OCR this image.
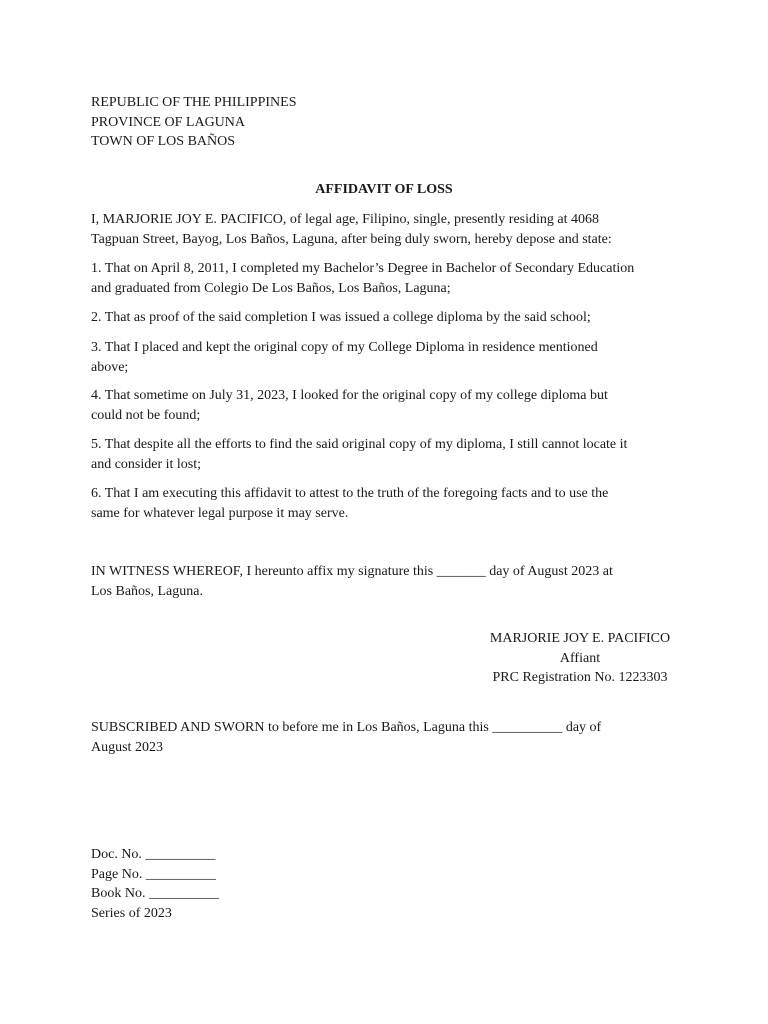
REPUBLIC OF THE PHILIPPINES
PROVINCE OF LAGUNA
TOWN OF LOS BAÑOS
AFFIDAVIT OF LOSS
I, MARJORIE JOY E. PACIFICO, of legal age, Filipino, single, presently residing at 4068
Tagpuan Street, Bayog, Los Baños, Laguna, after being duly sworn, hereby depose and state:
1. That on April 8, 2011, I completed my Bachelor’s Degree in Bachelor of Secondary Education
and graduated from Colegio De Los Baños, Los Baños, Laguna;
2. That as proof of the said completion I was issued a college diploma by the said school;
3. That I placed and kept the original copy of my College Diploma in residence mentioned
above;
4. That sometime on July 31, 2023, I looked for the original copy of my college diploma but
could not be found;
5. That despite all the efforts to find the said original copy of my diploma, I still cannot locate it
and consider it lost;
6. That I am executing this affidavit to attest to the truth of the foregoing facts and to use the
same for whatever legal purpose it may serve.
IN WITNESS WHEREOF, I hereunto affix my signature this _______ day of August 2023 at
Los Baños, Laguna.
MARJORIE JOY E. PACIFICO
Affiant
PRC Registration No. 1223303
SUBSCRIBED AND SWORN to before me in Los Baños, Laguna this __________ day of
August 2023
Doc. No. __________
Page No. __________
Book No. __________
Series of 2023
